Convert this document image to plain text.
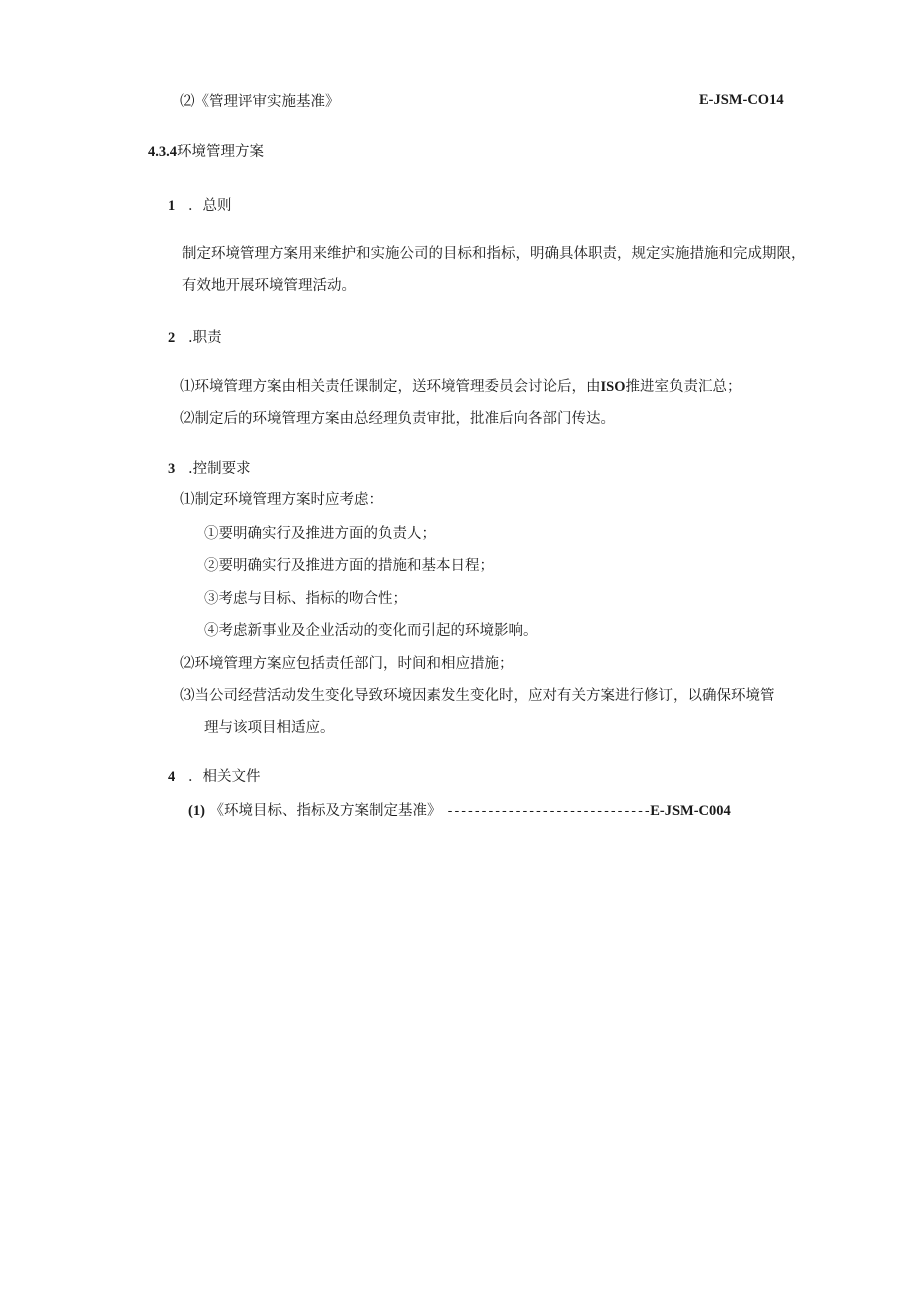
⑵《管理评审实施基准》	E-JSM-CO14
4.3.4环境管理方案
1 ．总则
制定环境管理方案用来维护和实施公司的目标和指标，明确具体职责，规定实施措施和完成期限，有效地开展环境管理活动。
2 .职责
⑴环境管理方案由相关责任课制定，送环境管理委员会讨论后，由ISO推进室负责汇总；
⑵制定后的环境管理方案由总经理负责审批，批准后向各部门传达。
3 .控制要求
⑴制定环境管理方案时应考虑：
①要明确实行及推进方面的负责人；
②要明确实行及推进方面的措施和基本日程；
③考虑与目标、指标的吻合性；
④考虑新事业及企业活动的变化而引起的环境影响。
⑵环境管理方案应包括责任部门，时间和相应措施；
⑶当公司经营活动发生变化导致环境因素发生变化时，应对有关方案进行修订，以确保环境管
理与该项目相适应。
4 ．相关文件
(1) 《环境目标、指标及方案制定基准》 ------------------------------E-JSM-C004
